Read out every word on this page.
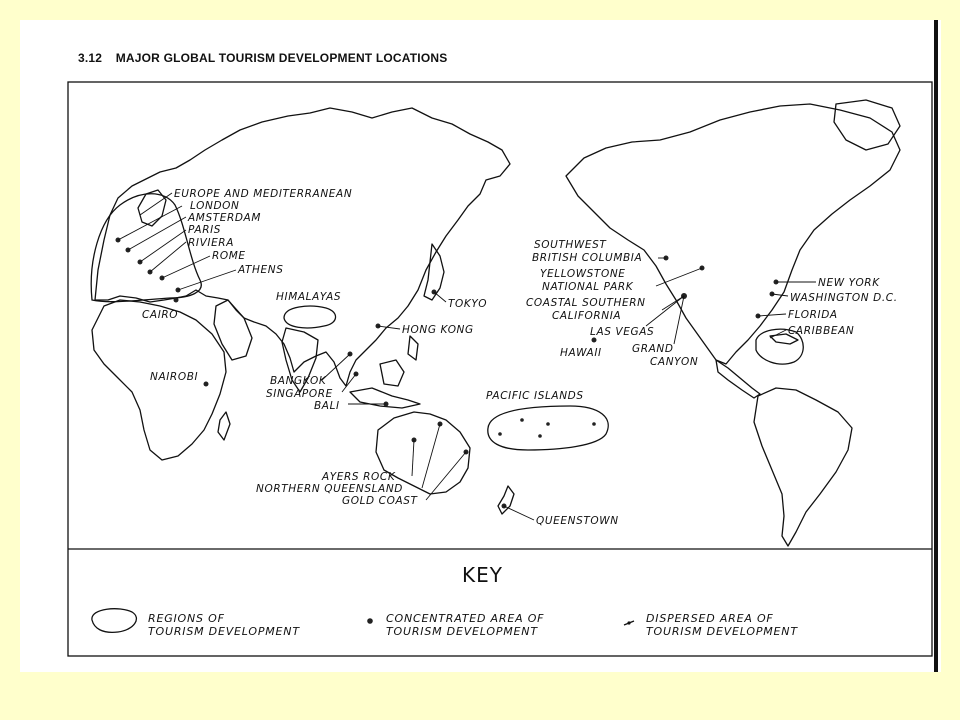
3.12 MAJOR GLOBAL TOURISM DEVELOPMENT LOCATIONS
EUROPE AND MEDITERRANEAN
LONDON
AMSTERDAM
PARIS
RIVIERA
ROME
ATHENS
HIMALAYAS
CAIRO
TOKYO
HONG KONG
NAIROBI	BANGKOK
SINGAPORE
BALI
PACIFIC ISLANDS
AYERS ROCK
NORTHERN QUEENSLAND
GOLD COAST
QUEENSTOWN
SOUTHWEST
BRITISH COLUMBIA
YELLOWSTONE
NATIONAL PARK
COASTAL SOUTHERN
CALIFORNIA
LAS VEGAS
HAWAII	GRAND
CANYON
NEW YORK
WASHINGTON D.C.
FLORIDA
CARIBBEAN
KEY
REGIONS OF
TOURISM DEVELOPMENT
CONCENTRATED AREA OF
TOURISM DEVELOPMENT
DISPERSED AREA OF
TOURISM DEVELOPMENT
